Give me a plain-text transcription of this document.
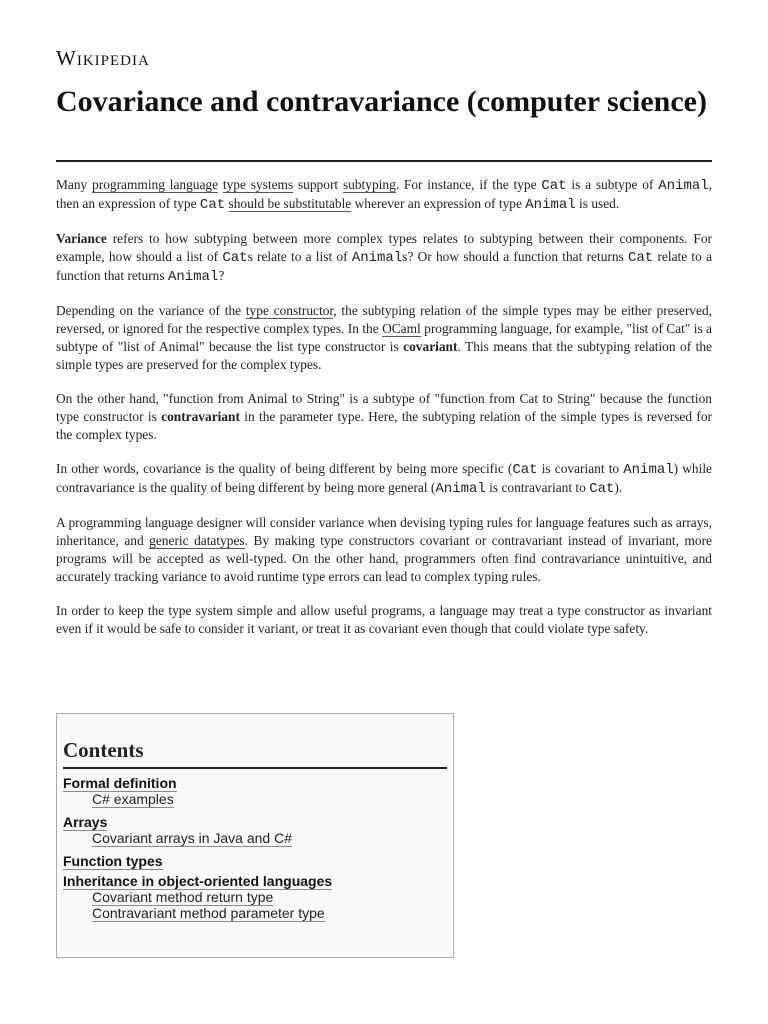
Wikipedia
Covariance and contravariance (computer science)

Many programming language type systems support subtyping. For instance, if the type Cat is a subtype of Animal, then an expression of type Cat should be substitutable wherever an expression of type Animal is used.

Variance refers to how subtyping between more complex types relates to subtyping between their components. For example, how should a list of Cats relate to a list of Animals? Or how should a function that returns Cat relate to a function that returns Animal?

Depending on the variance of the type constructor, the subtyping relation of the simple types may be either preserved, reversed, or ignored for the respective complex types. In the OCaml programming language, for example, "list of Cat" is a subtype of "list of Animal" because the list type constructor is covariant. This means that the subtyping relation of the simple types are preserved for the complex types.

On the other hand, "function from Animal to String" is a subtype of "function from Cat to String" because the function type constructor is contravariant in the parameter type. Here, the subtyping relation of the simple types is reversed for the complex types.

In other words, covariance is the quality of being different by being more specific (Cat is covariant to Animal) while contravariance is the quality of being different by being more general (Animal is contravariant to Cat).

A programming language designer will consider variance when devising typing rules for language features such as arrays, inheritance, and generic datatypes. By making type constructors covariant or contravariant instead of invariant, more programs will be accepted as well-typed. On the other hand, programmers often find contravariance unintuitive, and accurately tracking variance to avoid runtime type errors can lead to complex typing rules.

In order to keep the type system simple and allow useful programs, a language may treat a type constructor as invariant even if it would be safe to consider it variant, or treat it as covariant even though that could violate type safety.

Contents
Formal definition
C# examples
Arrays
Covariant arrays in Java and C#
Function types
Inheritance in object-oriented languages
Covariant method return type
Contravariant method parameter type
